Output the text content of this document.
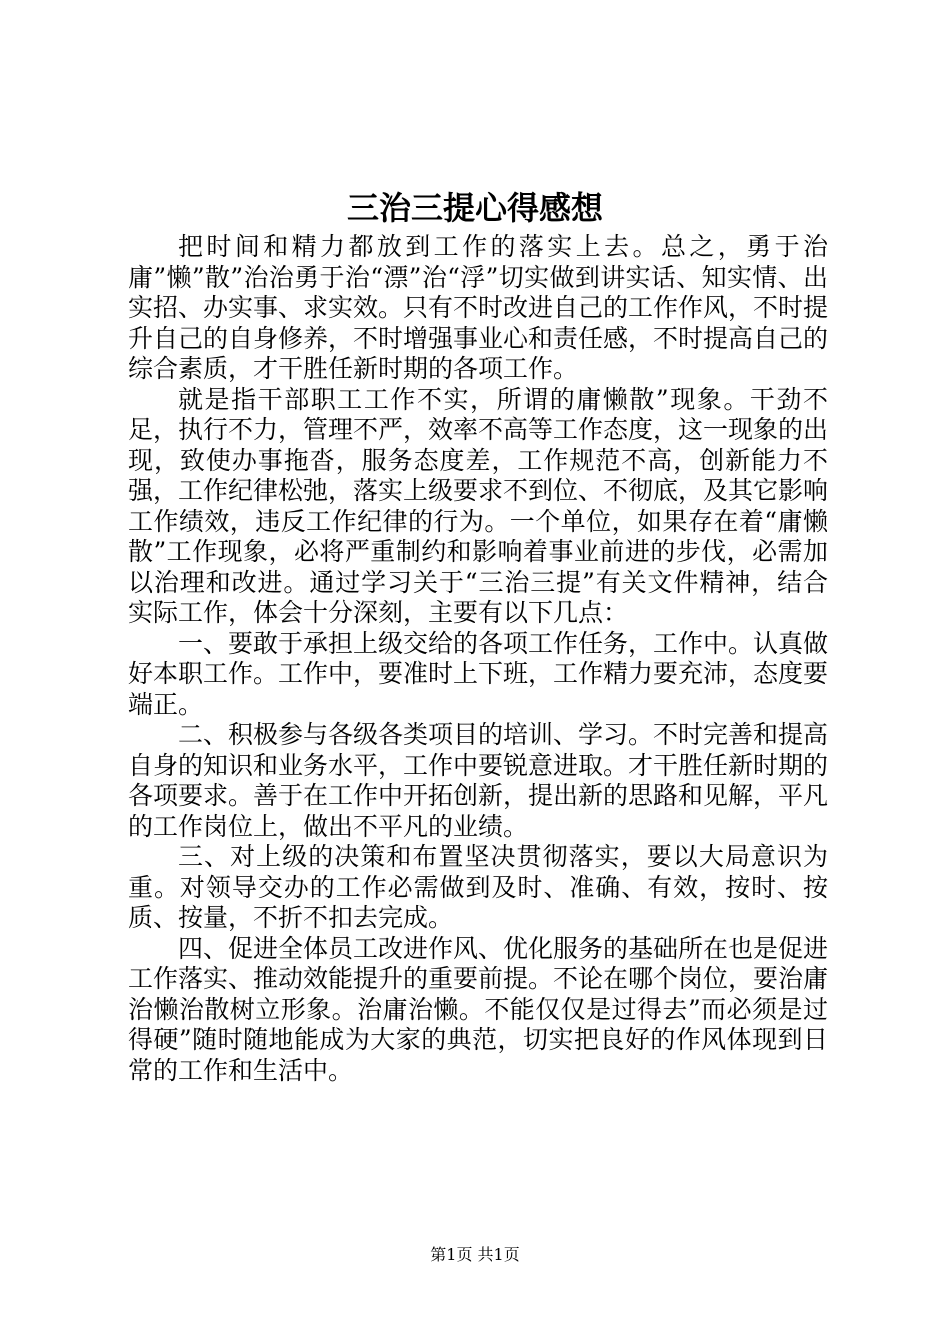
三治三提心得感想

把时间和精力都放到工作的落实上去。总之，勇于治庸”懒”散”治治勇于治“漂”治“浮”切实做到讲实话、知实情、出实招、办实事、求实效。只有不时改进自己的工作作风，不时提升自己的自身修养，不时增强事业心和责任感，不时提高自己的综合素质，才干胜任新时期的各项工作。

就是指干部职工工作不实，所谓的庸懒散”现象。干劲不足，执行不力，管理不严，效率不高等工作态度，这一现象的出现，致使办事拖沓，服务态度差，工作规范不高，创新能力不强，工作纪律松弛，落实上级要求不到位、不彻底，及其它影响工作绩效，违反工作纪律的行为。一个单位，如果存在着“庸懒散”工作现象，必将严重制约和影响着事业前进的步伐，必需加以治理和改进。通过学习关于“三治三提”有关文件精神，结合实际工作，体会十分深刻，主要有以下几点：

一、要敢于承担上级交给的各项工作任务，工作中。认真做好本职工作。工作中，要准时上下班，工作精力要充沛，态度要端正。

二、积极参与各级各类项目的培训、学习。不时完善和提高自身的知识和业务水平，工作中要锐意进取。才干胜任新时期的各项要求。善于在工作中开拓创新，提出新的思路和见解，平凡的工作岗位上，做出不平凡的业绩。

三、对上级的决策和布置坚决贯彻落实，要以大局意识为重。对领导交办的工作必需做到及时、准确、有效，按时、按质、按量，不折不扣去完成。

四、促进全体员工改进作风、优化服务的基础所在也是促进工作落实、推动效能提升的重要前提。不论在哪个岗位，要治庸治懒治散树立形象。治庸治懒。不能仅仅是过得去”而必须是过得硬”随时随地能成为大家的典范，切实把良好的作风体现到日常的工作和生活中。

第1页 共1页
